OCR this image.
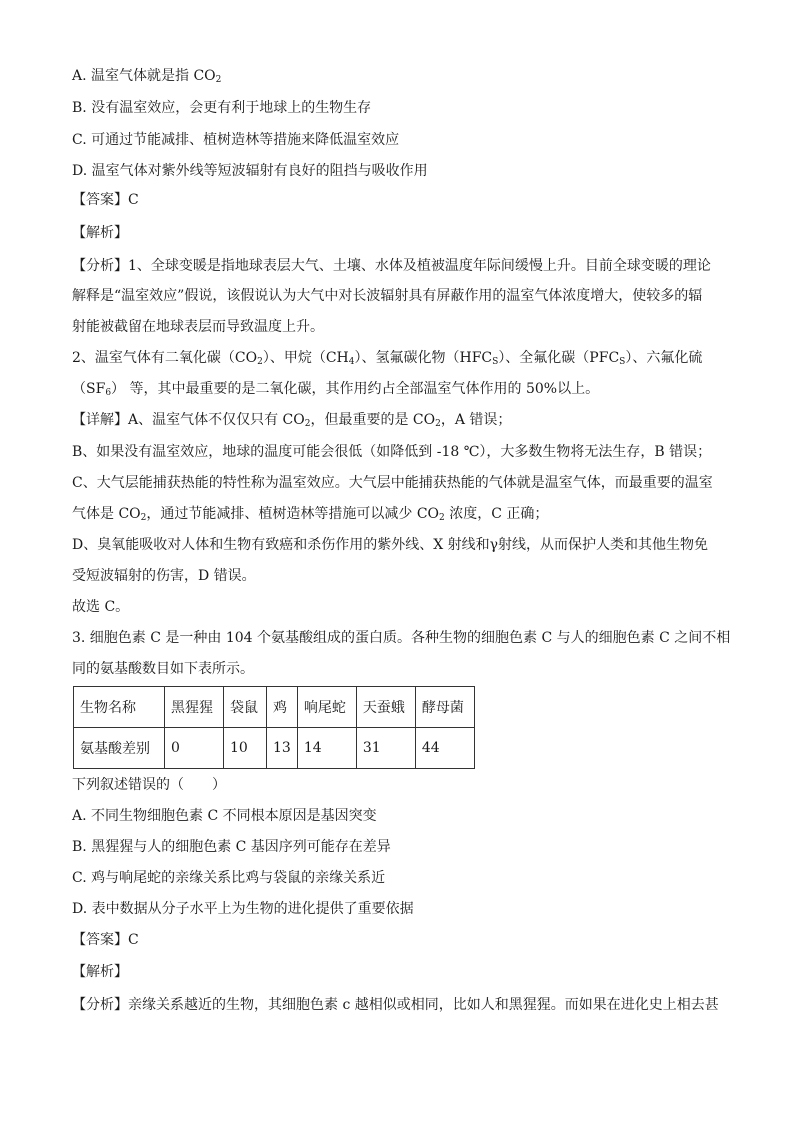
A. 温室气体就是指 $CO_2$
B. 没有温室效应，会更有利于地球上的生物生存
C. 可通过节能减排、植树造林等措施来降低温室效应
D. 温室气体对紫外线等短波辐射有良好的阻挡与吸收作用
【答案】C
【解析】
【分析】1、全球变暖是指地球表层大气、土壤、水体及植被温度年际间缓慢上升。目前全球变暖的理论
解释是“温室效应”假说，该假说认为大气中对长波辐射具有屏蔽作用的温室气体浓度增大，使较多的辐
射能被截留在地球表层而导致温度上升。
2、温室气体有二氧化碳$(CO_2)$、甲烷$(CH_4)$、氢氟碳化物$(HFC_S)$、全氟化碳$(PFC_S)$、六氟化硫
$(SF_6)$ 等，其中最重要的是二氧化碳，其作用约占全部温室气体作用的 50%以上。
【详解】A、温室气体不仅仅只有 $CO_2$，但最重要的是 $CO_2$，A 错误；
B、如果没有温室效应，地球的温度可能会很低（如降低到 -18 ℃），大多数生物将无法生存，B 错误；
C、大气层能捕获热能的特性称为温室效应。大气层中能捕获热能的气体就是温室气体，而最重要的温室
气体是 $CO_2$，通过节能减排、植树造林等措施可以减少 $CO_2$ 浓度，C 正确；
D、臭氧能吸收对人体和生物有致癌和杀伤作用的紫外线、X 射线和γ射线，从而保护人类和其他生物免
受短波辐射的伤害，D 错误。
故选 C。
3. 细胞色素 C 是一种由 104 个氨基酸组成的蛋白质。各种生物的细胞色素 C 与人的细胞色素 C 之间不相
同的氨基酸数目如下表所示。
生物名称	黑猩猩	袋鼠	鸡	响尾蛇	天蚕蛾	酵母菌
氨基酸差别	0	10	13	14	31	44
下列叙述错误的（　　）
A. 不同生物细胞色素 C 不同根本原因是基因突变
B. 黑猩猩与人的细胞色素 C 基因序列可能存在差异
C. 鸡与响尾蛇的亲缘关系比鸡与袋鼠的亲缘关系近
D. 表中数据从分子水平上为生物的进化提供了重要依据
【答案】C
【解析】
【分析】亲缘关系越近的生物，其细胞色素 c 越相似或相同，比如人和黑猩猩。而如果在进化史上相去甚
